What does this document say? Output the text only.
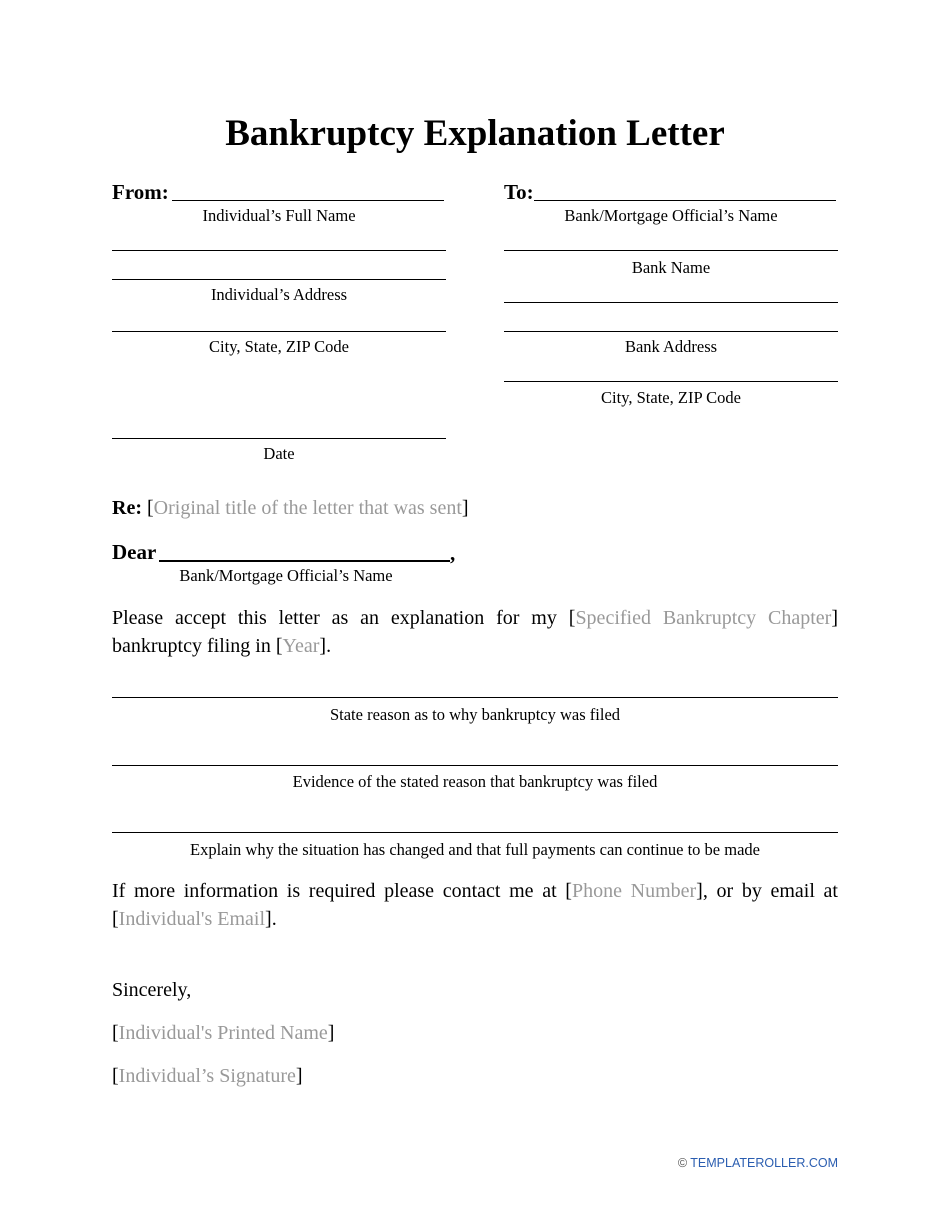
Bankruptcy Explanation Letter
From:
Individual’s Full Name
Individual’s Address
City, State, ZIP Code
Date
To:
Bank/Mortgage Official’s Name
Bank Name
Bank Address
City, State, ZIP Code
Re: [Original title of the letter that was sent]
Dear	,
Bank/Mortgage Official’s Name
Please accept this letter as an explanation for my [Specified Bankruptcy Chapter]
bankruptcy filing in [Year].
State reason as to why bankruptcy was filed
Evidence of the stated reason that bankruptcy was filed
Explain why the situation has changed and that full payments can continue to be made
If more information is required please contact me at [Phone Number], or by email at
[Individual's Email].
Sincerely,
[Individual's Printed Name]
[Individual’s Signature]
© TEMPLATEROLLER.COM
